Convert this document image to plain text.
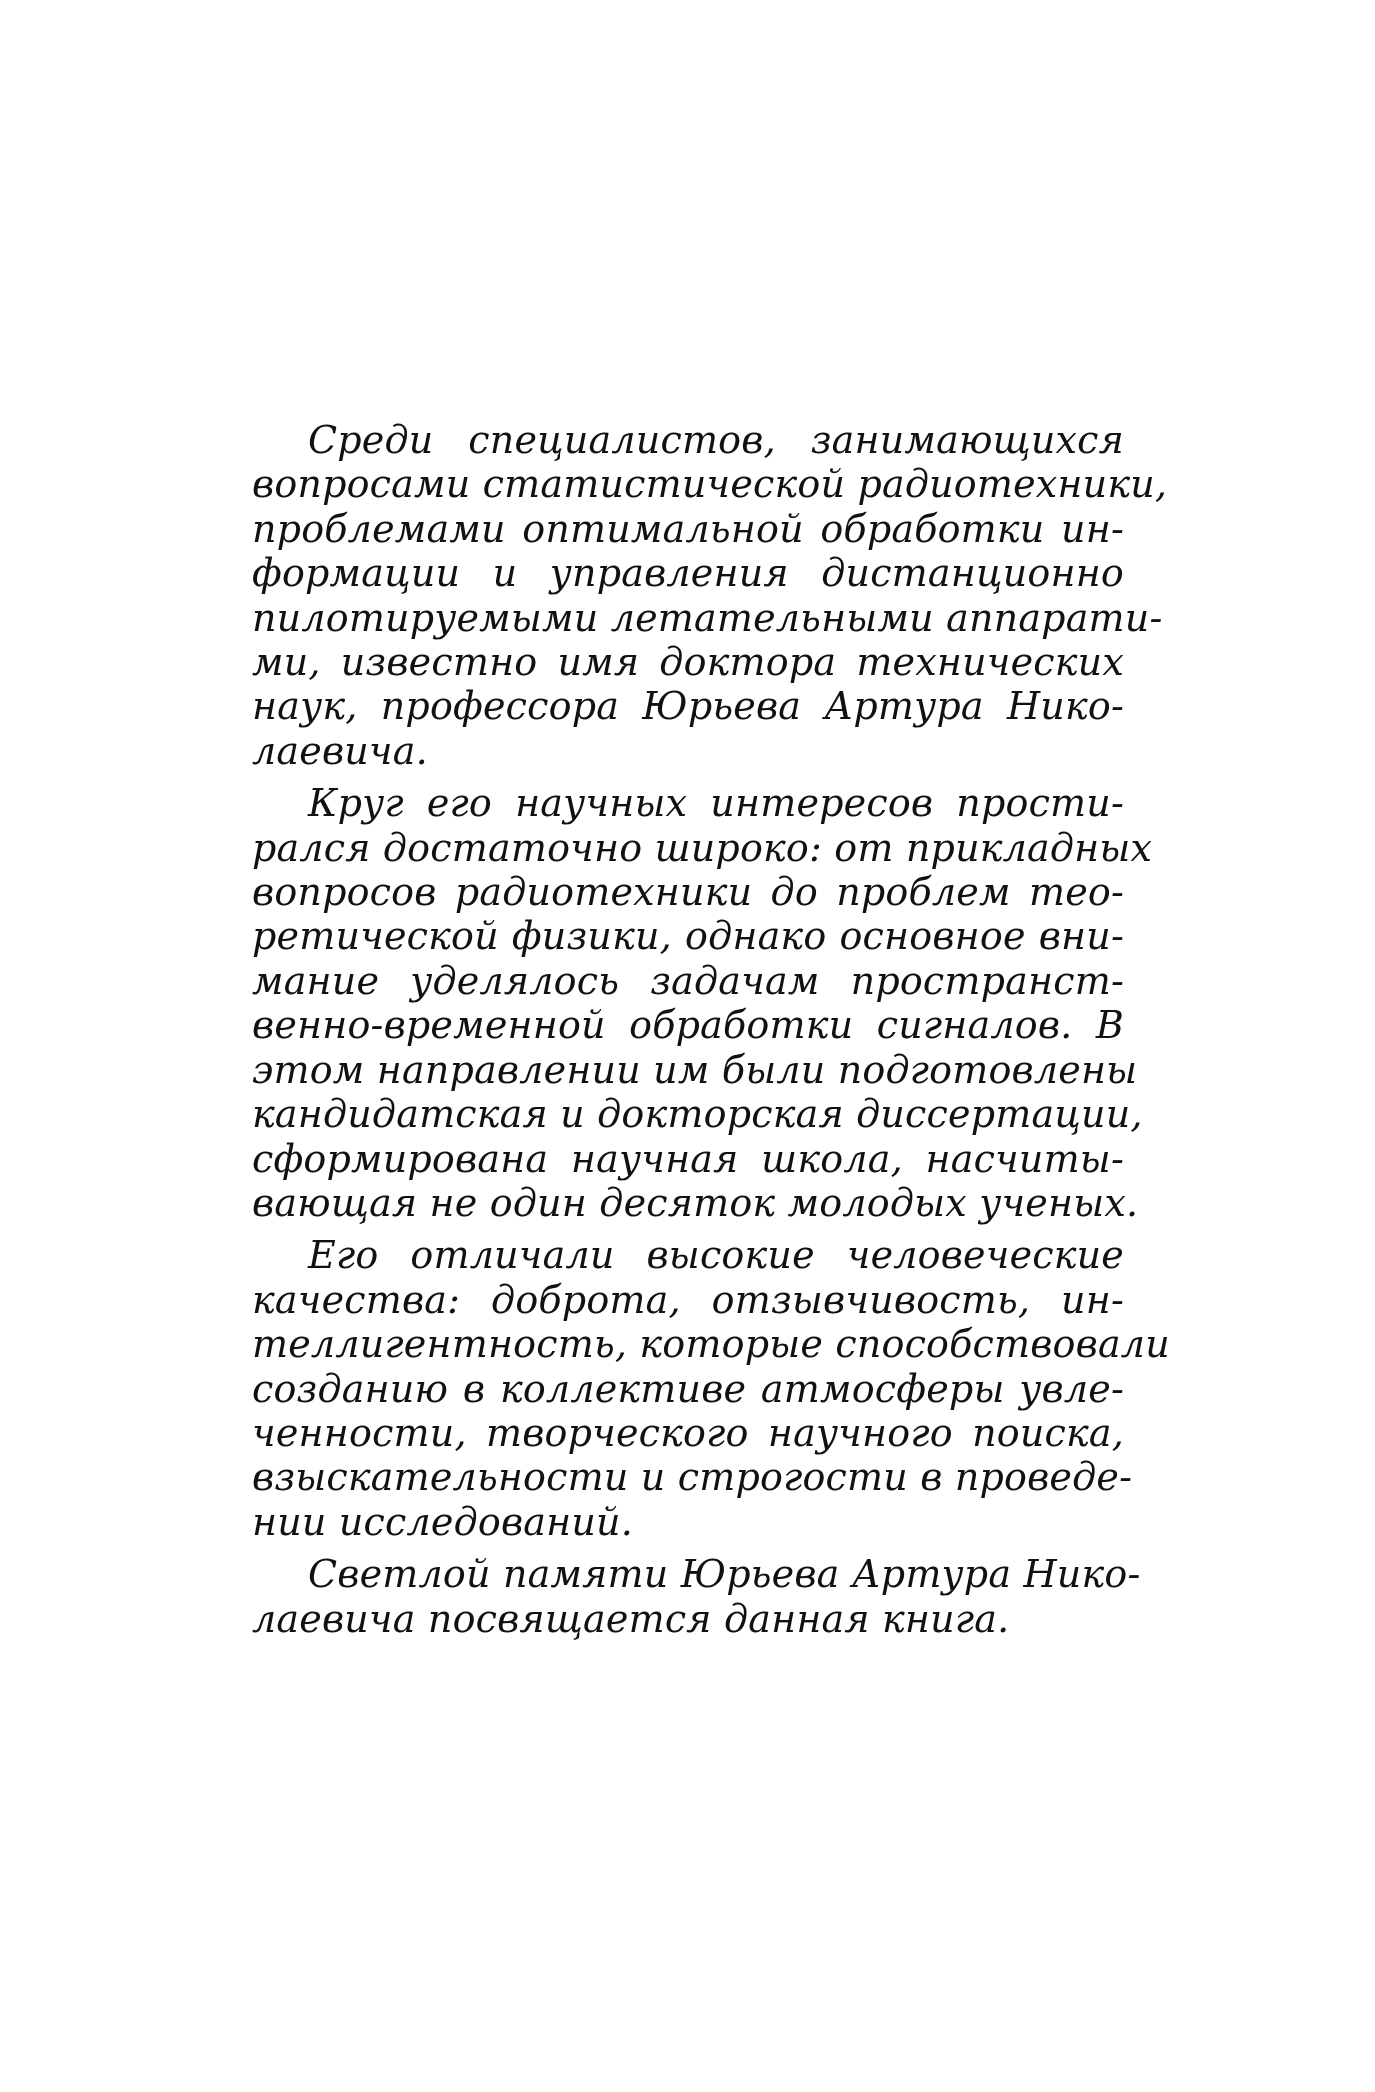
Среди специалистов, занимающихся
вопросами статистической радиотехники,
проблемами оптимальной обработки ин-
формации и управления дистанционно
пилотируемыми летательными аппарати-
ми, известно имя доктора технических
наук, профессора Юрьева Артура Нико-
лаевича.
Круг его научных интересов прости-
рался достаточно широко: от прикладных
вопросов радиотехники до проблем тео-
ретической физики, однако основное вни-
мание уделялось задачам пространст-
венно-временной обработки сигналов. В
этом направлении им были подготовлены
кандидатская и докторская диссертации,
сформирована научная школа, насчиты-
вающая не один десяток молодых ученых.
Его отличали высокие человеческие
качества: доброта, отзывчивость, ин-
теллигентность, которые способствовали
созданию в коллективе атмосферы увле-
ченности, творческого научного поиска,
взыскательности и строгости в проведе-
нии исследований.
Светлой памяти Юрьева Артура Нико-
лаевича посвящается данная книга.
